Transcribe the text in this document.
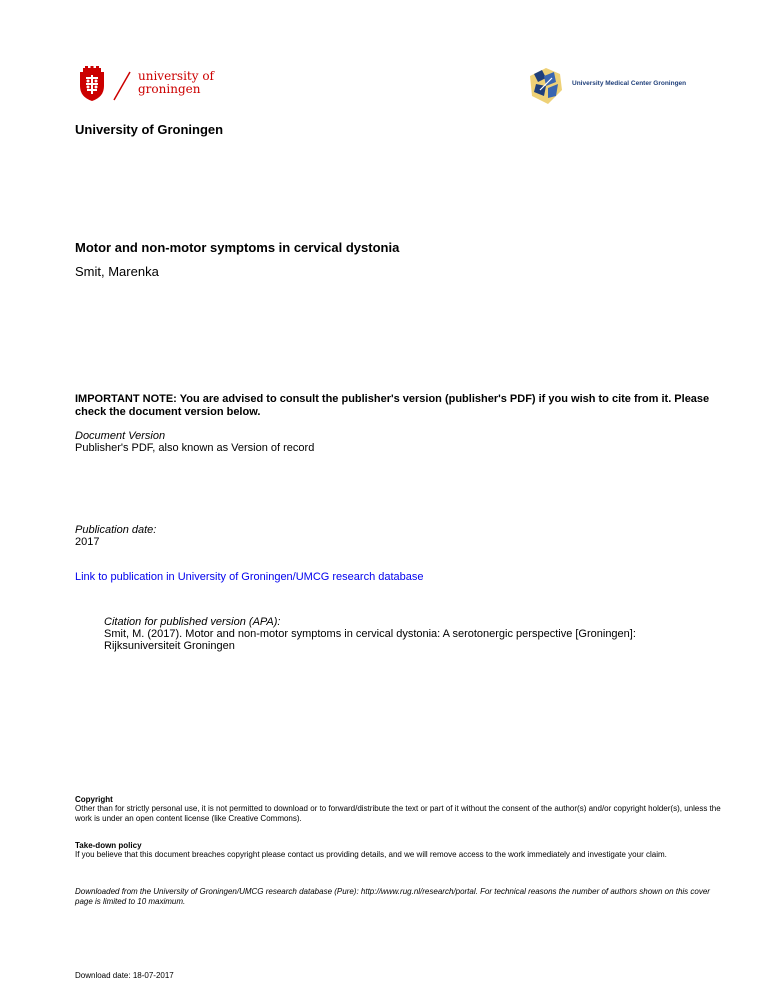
university of
groningen	University Medical Center Groningen
University of Groningen
Motor and non-motor symptoms in cervical dystonia
Smit, Marenka
IMPORTANT NOTE: You are advised to consult the publisher's version (publisher's PDF) if you wish to cite from it. Please check the document version below.
Document Version
Publisher's PDF, also known as Version of record
Publication date:
2017
Link to publication in University of Groningen/UMCG research database
Citation for published version (APA):
Smit, M. (2017). Motor and non-motor symptoms in cervical dystonia: A serotonergic perspective [Groningen]: Rijksuniversiteit Groningen
Copyright
Other than for strictly personal use, it is not permitted to download or to forward/distribute the text or part of it without the consent of the author(s) and/or copyright holder(s), unless the work is under an open content license (like Creative Commons).
Take-down policy
If you believe that this document breaches copyright please contact us providing details, and we will remove access to the work immediately and investigate your claim.
Downloaded from the University of Groningen/UMCG research database (Pure): http://www.rug.nl/research/portal. For technical reasons the number of authors shown on this cover page is limited to 10 maximum.
Download date: 18-07-2017
